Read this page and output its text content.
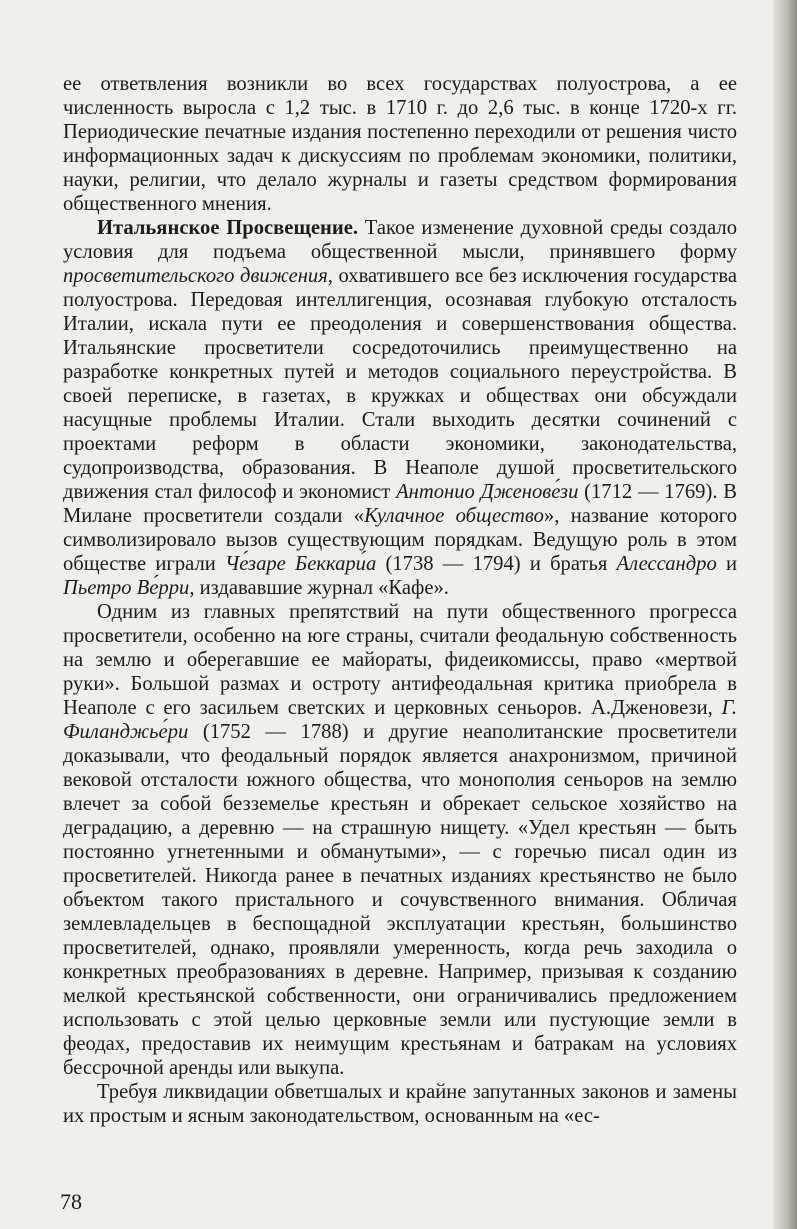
ее ответвления возникли во всех государствах полуострова, а ее численность выросла с 1,2 тыс. в 1710 г. до 2,6 тыс. в конце 1720-х гг. Периодические печатные издания постепенно переходили от решения чисто информационных задач к дискуссиям по проблемам экономики, политики, науки, религии, что делало журналы и газеты средством формирования общественного мнения.

Итальянское Просвещение. Такое изменение духовной среды создало условия для подъема общественной мысли, принявшего форму просветительского движения, охватившего все без исключения государства полуострова. Передовая интеллигенция, осознавая глубокую отсталость Италии, искала пути ее преодоления и совершенствования общества. Итальянские просветители сосредоточились преимущественно на разработке конкретных путей и методов социального переустройства. В своей переписке, в газетах, в кружках и обществах они обсуждали насущные проблемы Италии. Стали выходить десятки сочинений с проектами реформ в области экономики, законодательства, судопроизводства, образования. В Неаполе душой просветительского движения стал философ и экономист Антонио Дженове́зи (1712 — 1769). В Милане просветители создали «Кулачное общество», название которого символизировало вызов существующим порядкам. Ведущую роль в этом обществе играли Че́заре Беккари́а (1738 — 1794) и братья Алессандро и Пьетро Ве́рри, издававшие журнал «Кафе».

Одним из главных препятствий на пути общественного прогресса просветители, особенно на юге страны, считали феодальную собственность на землю и оберегавшие ее майораты, фидеикомиссы, право «мертвой руки». Большой размах и остроту антифеодальная критика приобрела в Неаполе с его засильем светских и церковных сеньоров. А.Дженовези, Г. Филанджье́ри (1752 — 1788) и другие неаполитанские просветители доказывали, что феодальный порядок является анахронизмом, причиной вековой отсталости южного общества, что монополия сеньоров на землю влечет за собой безземелье крестьян и обрекает сельское хозяйство на деградацию, а деревню — на страшную нищету. «Удел крестьян — быть постоянно угнетенными и обманутыми», — с горечью писал один из просветителей. Никогда ранее в печатных изданиях крестьянство не было объектом такого пристального и сочувственного внимания. Обличая землевладельцев в беспощадной эксплуатации крестьян, большинство просветителей, однако, проявляли умеренность, когда речь заходила о конкретных преобразованиях в деревне. Например, призывая к созданию мелкой крестьянской собственности, они ограничивались предложением использовать с этой целью церковные земли или пустующие земли в феодах, предоставив их неимущим крестьянам и батракам на условиях бессрочной аренды или выкупа.

Требуя ликвидации обветшалых и крайне запутанных законов и замены их простым и ясным законодательством, основанным на «ес-

78
